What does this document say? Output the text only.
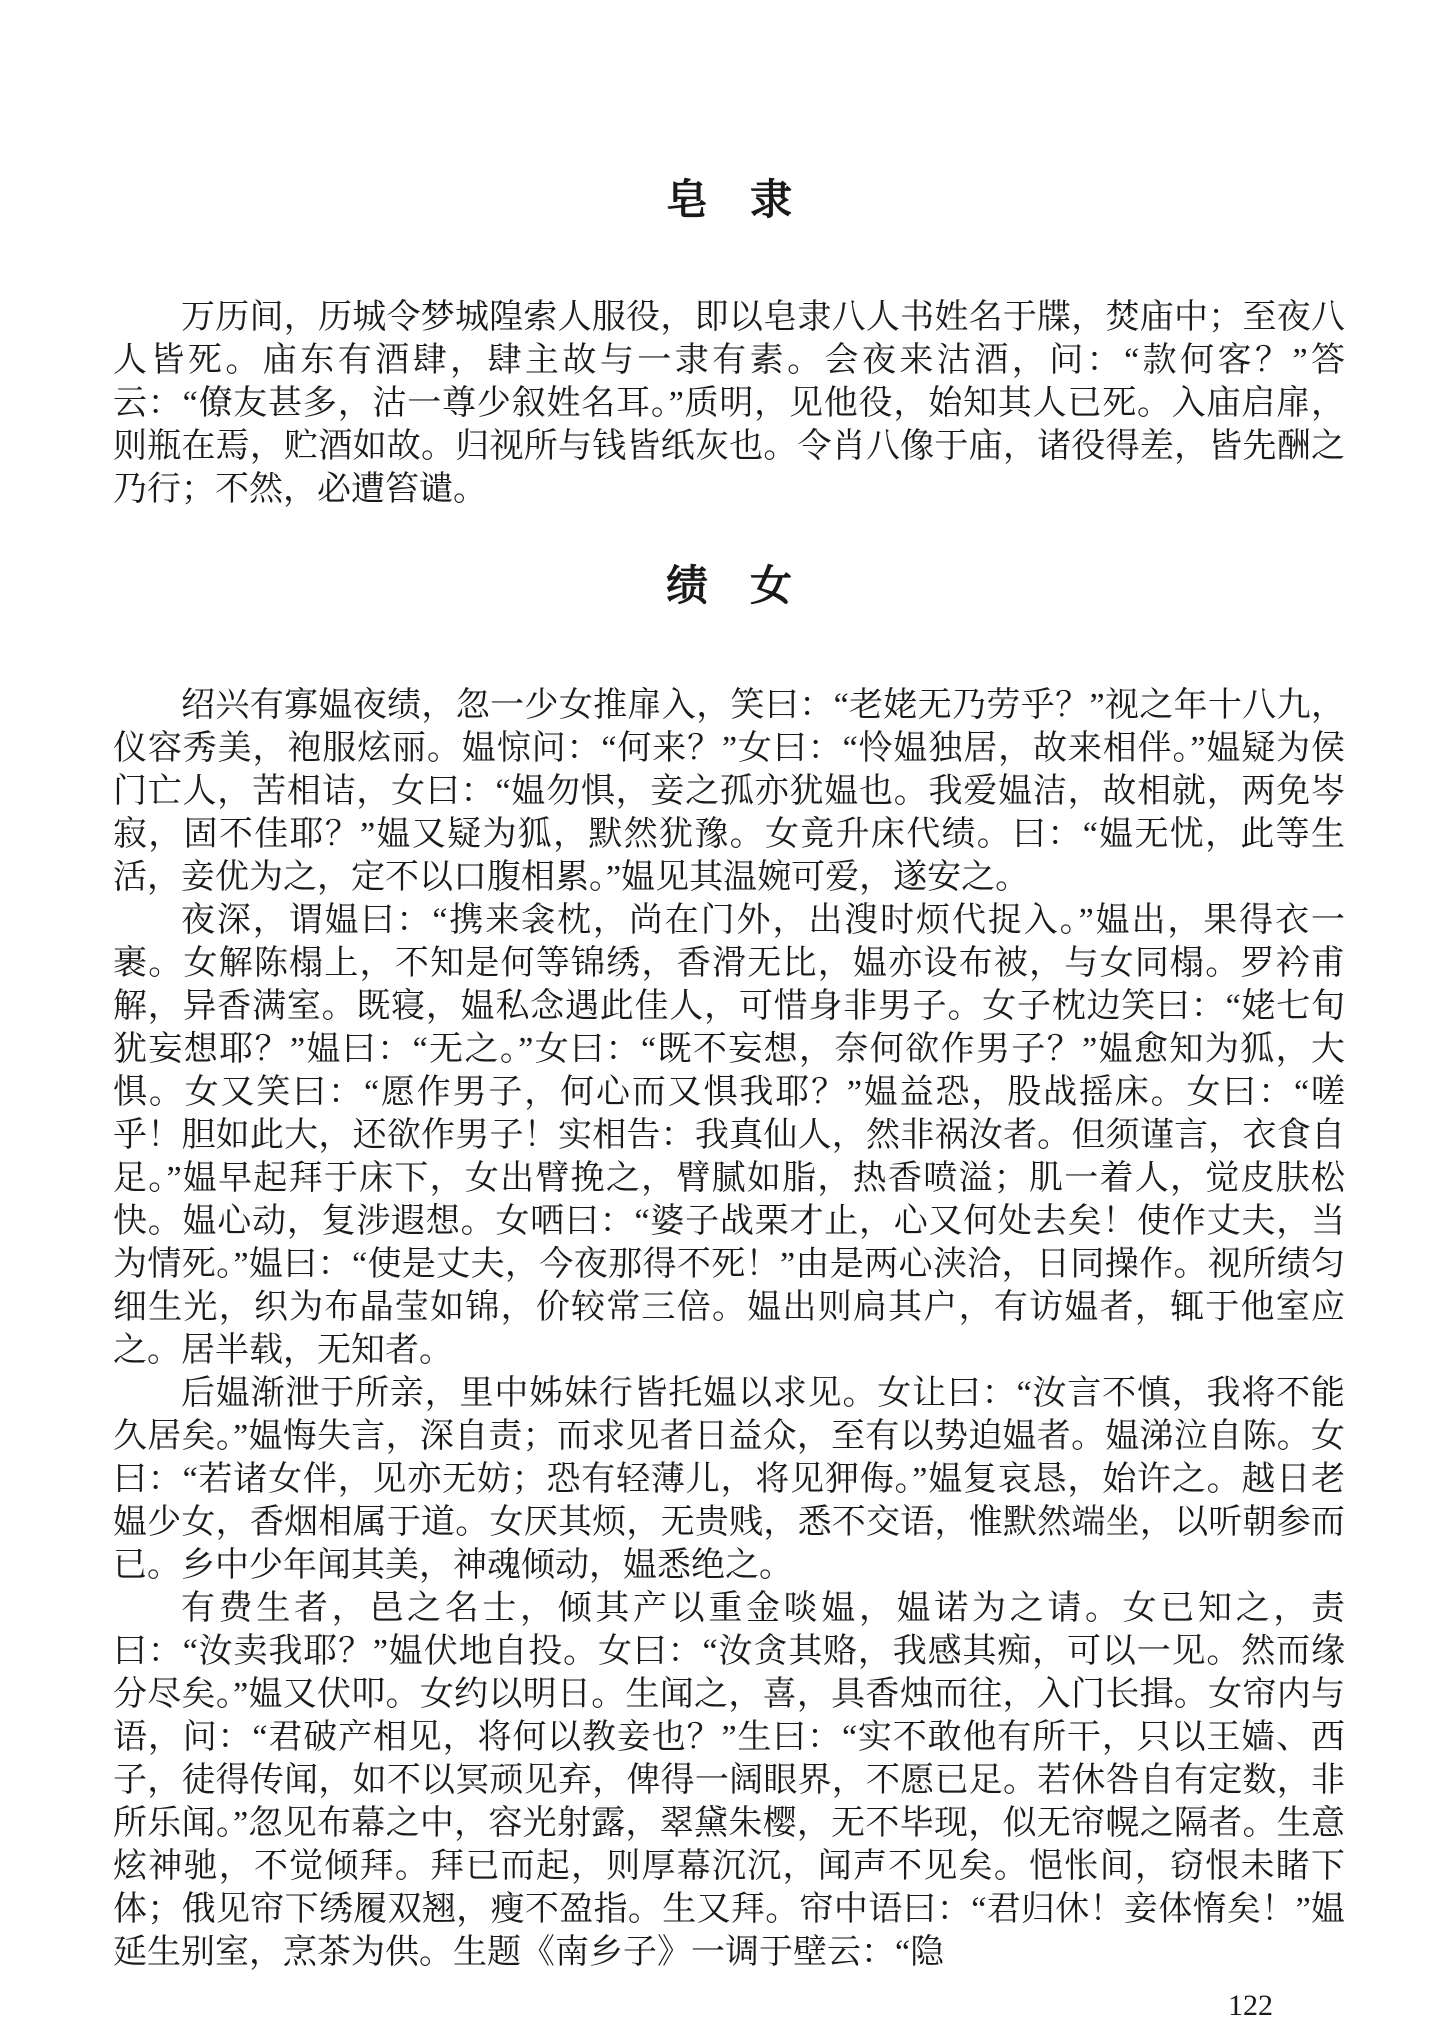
皂　隶

万历间，历城令梦城隍索人服役，即以皂隶八人书姓名于牒，焚庙中；至夜八人皆死。庙东有酒肆，肆主故与一隶有素。会夜来沽酒，问：“款何客？”答云：“僚友甚多，沽一尊少叙姓名耳。”质明，见他役，始知其人已死。入庙启扉，则瓶在焉，贮酒如故。归视所与钱皆纸灰也。令肖八像于庙，诸役得差，皆先酬之乃行；不然，必遭笞谴。

绩　女

绍兴有寡媪夜绩，忽一少女推扉入，笑曰：“老姥无乃劳乎？”视之年十八九，仪容秀美，袍服炫丽。媪惊问：“何来？”女曰：“怜媪独居，故来相伴。”媪疑为侯门亡人，苦相诘，女曰：“媪勿惧，妾之孤亦犹媪也。我爱媪洁，故相就，两免岑寂，固不佳耶？”媪又疑为狐，默然犹豫。女竟升床代绩。曰：“媪无忧，此等生活，妾优为之，定不以口腹相累。”媪见其温婉可爱，遂安之。

夜深，谓媪曰：“携来衾枕，尚在门外，出溲时烦代捉入。”媪出，果得衣一裹。女解陈榻上，不知是何等锦绣，香滑无比，媪亦设布被，与女同榻。罗衿甫解，异香满室。既寝，媪私念遇此佳人，可惜身非男子。女子枕边笑曰：“姥七旬犹妄想耶？”媪曰：“无之。”女曰：“既不妄想，奈何欲作男子？”媪愈知为狐，大惧。女又笑曰：“愿作男子，何心而又惧我耶？”媪益恐，股战摇床。女曰：“嗟乎！胆如此大，还欲作男子！实相告：我真仙人，然非祸汝者。但须谨言，衣食自足。”媪早起拜于床下，女出臂挽之，臂腻如脂，热香喷溢；肌一着人，觉皮肤松快。媪心动，复涉遐想。女哂曰：“婆子战栗才止，心又何处去矣！使作丈夫，当为情死。”媪曰：“使是丈夫，今夜那得不死！”由是两心浃洽，日同操作。视所绩匀细生光，织为布晶莹如锦，价较常三倍。媪出则扃其户，有访媪者，辄于他室应之。居半载，无知者。

后媪渐泄于所亲，里中姊妹行皆托媪以求见。女让曰：“汝言不慎，我将不能久居矣。”媪悔失言，深自责；而求见者日益众，至有以势迫媪者。媪涕泣自陈。女曰：“若诸女伴，见亦无妨；恐有轻薄儿，将见狎侮。”媪复哀恳，始许之。越日老媪少女，香烟相属于道。女厌其烦，无贵贱，悉不交语，惟默然端坐，以听朝参而已。乡中少年闻其美，神魂倾动，媪悉绝之。

有费生者，邑之名士，倾其产以重金啖媪，媪诺为之请。女已知之，责曰：“汝卖我耶？”媪伏地自投。女曰：“汝贪其赂，我感其痴，可以一见。然而缘分尽矣。”媪又伏叩。女约以明日。生闻之，喜，具香烛而往，入门长揖。女帘内与语，问：“君破产相见，将何以教妾也？”生曰：“实不敢他有所干，只以王嫱、西子，徒得传闻，如不以冥顽见弃，俾得一阔眼界，不愿已足。若休咎自有定数，非所乐闻。”忽见布幕之中，容光射露，翠黛朱樱，无不毕现，似无帘幌之隔者。生意炫神驰，不觉倾拜。拜已而起，则厚幕沉沉，闻声不见矣。悒怅间，窃恨未睹下体；俄见帘下绣履双翘，瘦不盈指。生又拜。帘中语曰：“君归休！妾体惰矣！”媪延生别室，烹茶为供。生题《南乡子》一调于壁云：“隐

122
